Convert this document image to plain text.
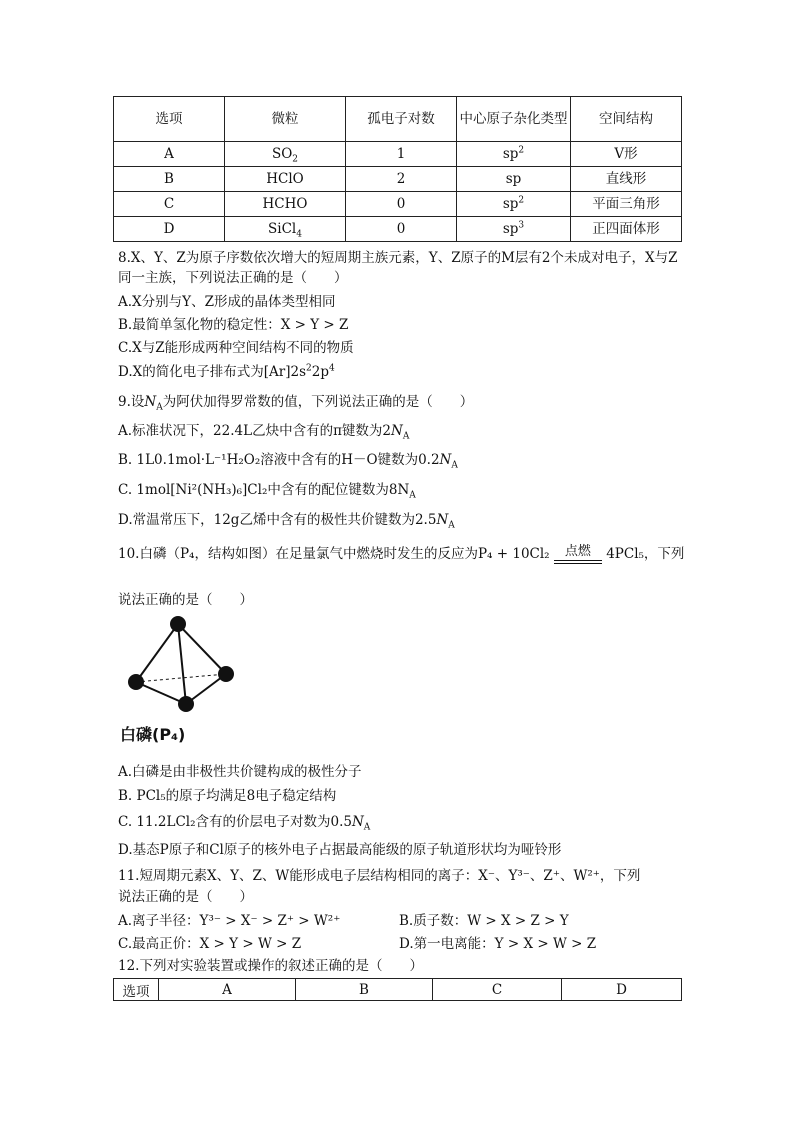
选项	微粒	孤电子对数	中心原子杂化类型	空间结构
A	$SO_2$	1	$sp^2$	V形
B	HClO	2	sp	直线形
C	HCHO	0	$sp^2$	平面三角形
D	SiCl$_4$	0	$sp^3$	正四面体形
8.X、Y、Z为原子序数依次增大的短周期主族元素，Y、Z原子的M层有2个未成对电子，X与Z同一主族，下列说法正确的是（　　）
A.X分别与Y、Z形成的晶体类型相同
B.最简单氢化物的稳定性：X > Y > Z
C.X与Z能形成两种空间结构不同的物质
D.X的简化电子排布式为$[Ar]2s^22p^4$
9.设$N_A$为阿伏加得罗常数的值，下列说法正确的是（　　）
A.标准状况下，22.4L乙炔中含有的π键数为$2N_A$
B. 1L0.1mol·L⁻¹H₂O₂溶液中含有的H－O键数为$0.2N_A$
C. 1mol[Ni²(NH₃)₆]Cl₂中含有的配位键数为$8N_A$
D.常温常压下，12g乙烯中含有的极性共价键数为$2.5N_A$
10.白磷（P₄，结构如图）在足量氯气中燃烧时发生的反应为P₄ + 10Cl₂	点燃	4PCl₅，下列
说法正确的是（　　）
白磷(P₄)
A.白磷是由非极性共价键构成的极性分子
B. PCl₅的原子均满足8电子稳定结构
C. 11.2LCl₂含有的价层电子对数为$0.5N_A$
D.基态P原子和Cl原子的核外电子占据最高能级的原子轨道形状均为哑铃形
11.短周期元素X、Y、Z、W能形成电子层结构相同的离子：X⁻、Y³⁻、Z⁺、W²⁺，下列
说法正确的是（　　）
A.离子半径：Y³⁻ > X⁻ > Z⁺ > W²⁺	B.质子数：W > X > Z > Y
C.最高正价：X > Y > W > Z	D.第一电离能：Y > X > W > Z
12.下列对实验装置或操作的叙述正确的是（　　）
选项	A	B	C	D
